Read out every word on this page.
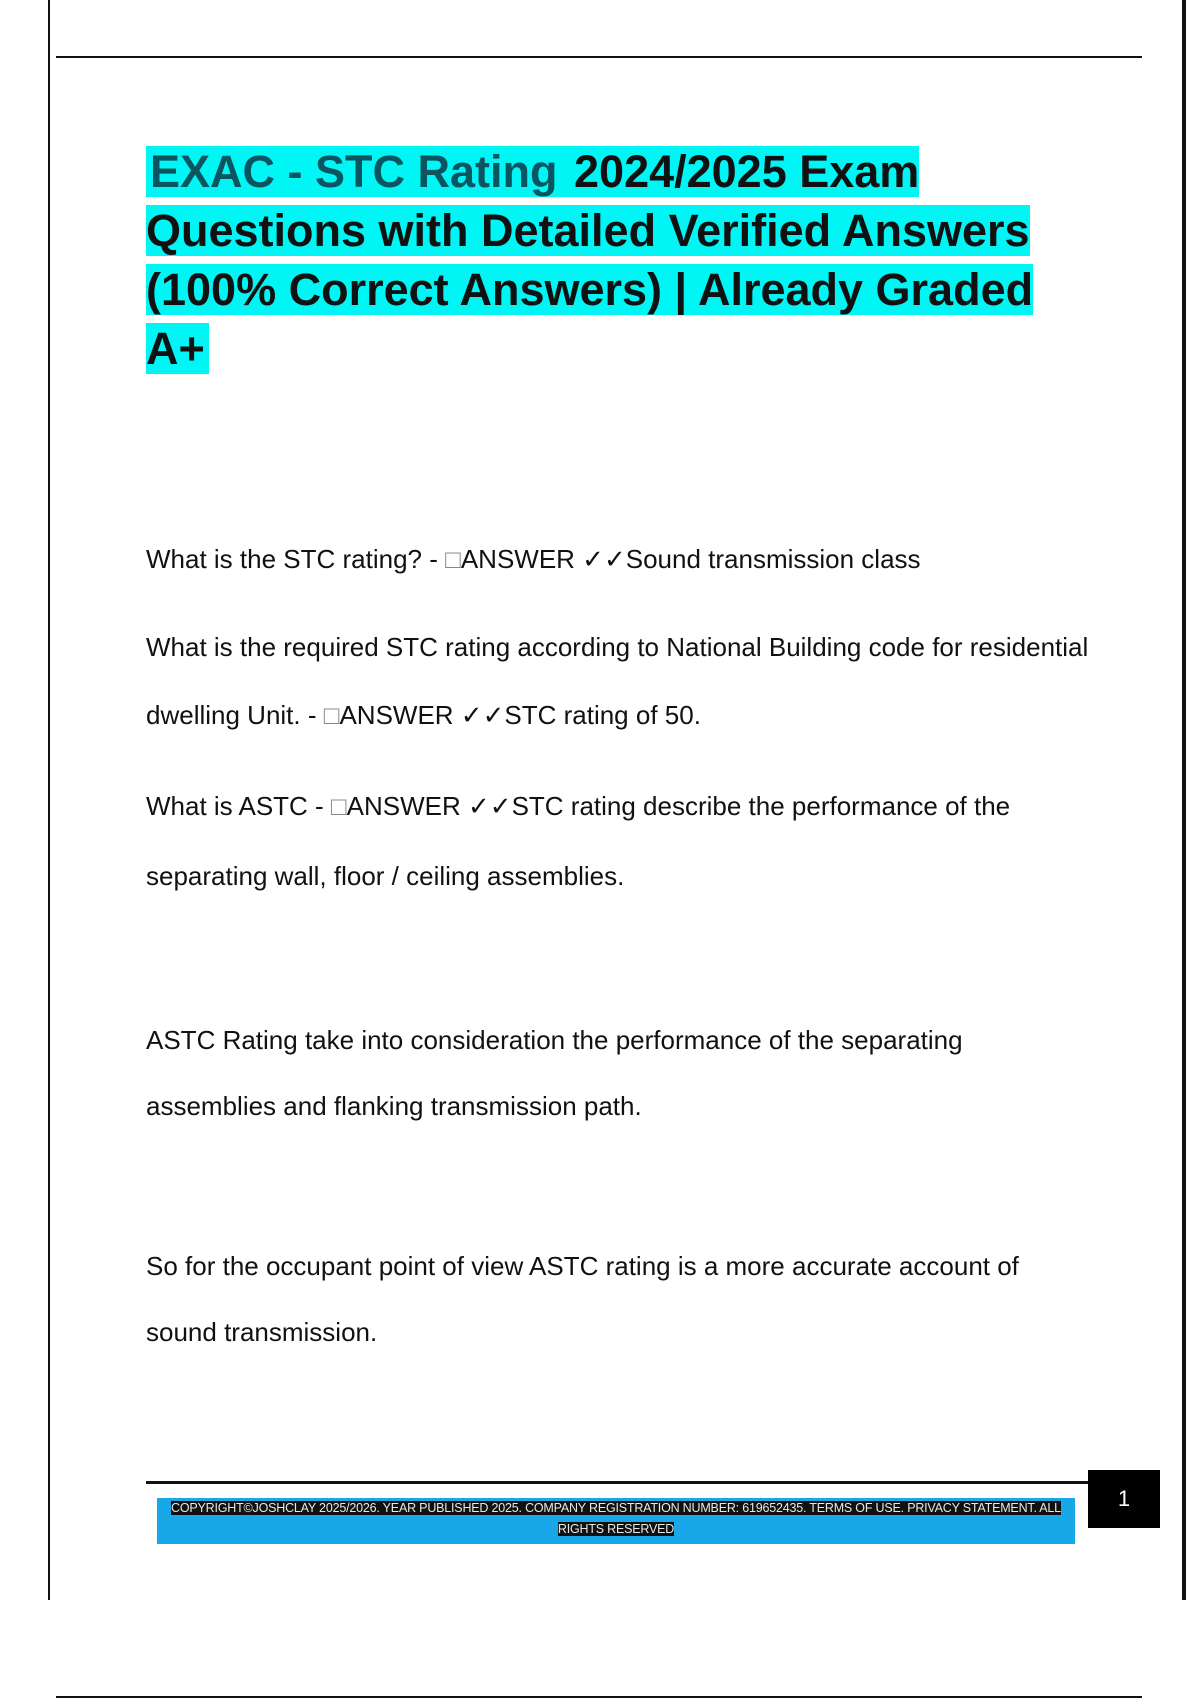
EXAC - STC Rating 2024/2025 Exam Questions with Detailed Verified Answers (100% Correct Answers) | Already Graded A+

What is the STC rating? - □ANSWER ✓✓Sound transmission class

What is the required STC rating according to National Building code for residential dwelling Unit. - □ANSWER ✓✓STC rating of 50.

What is ASTC - □ANSWER ✓✓STC rating describe the performance of the separating wall, floor / ceiling assemblies.

ASTC Rating take into consideration the performance of the separating assemblies and flanking transmission path.

So for the occupant point of view ASTC rating is a more accurate account of sound transmission.

COPYRIGHT©JOSHCLAY 2025/2026. YEAR PUBLISHED 2025. COMPANY REGISTRATION NUMBER: 619652435. TERMS OF USE. PRIVACY STATEMENT. ALL RIGHTS RESERVED
1
